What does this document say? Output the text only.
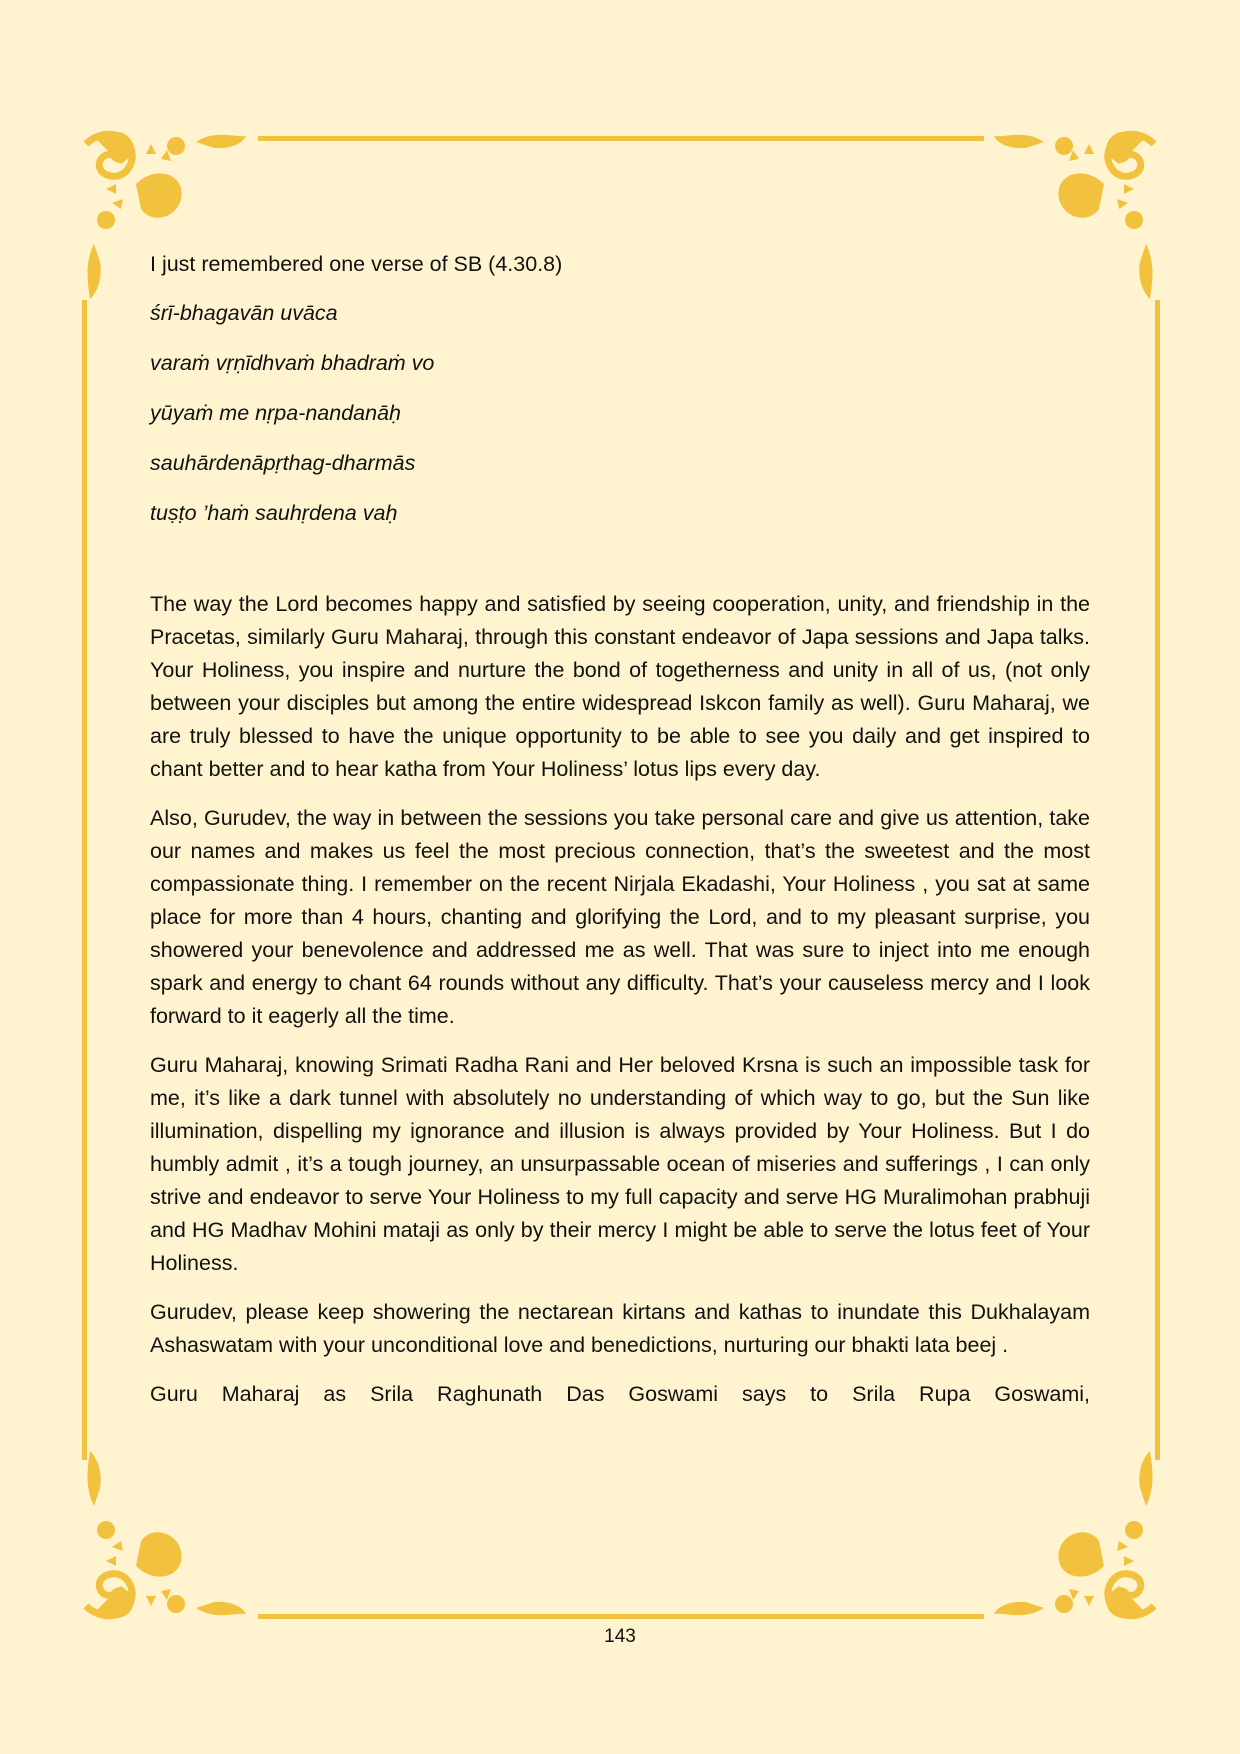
I just remembered one verse of SB (4.30.8)

śrī-bhagavān uvāca

varaṁ vṛṇīdhvaṁ bhadraṁ vo

yūyaṁ me nṛpa-nandanāḥ

sauhārdenāpṛthag-dharmās

tuṣṭo ’haṁ sauhṛdena vaḥ

The way the Lord becomes happy and satisfied by seeing cooperation, unity, and friendship in the Pracetas, similarly Guru Maharaj, through this constant endeavor of Japa sessions and Japa talks. Your Holiness, you inspire and nurture the bond of togetherness and unity in all of us, (not only between your disciples but among the entire widespread Iskcon family as well). Guru Maharaj, we are truly blessed to have the unique opportunity to be able to see you daily and get inspired to chant better and to hear katha from Your Holiness’ lotus lips every day.

Also, Gurudev, the way in between the sessions you take personal care and give us attention, take our names and makes us feel the most precious connection, that’s the sweetest and the most compassionate thing. I remember on the recent Nirjala Ekadashi, Your Holiness , you sat at same place for more than 4 hours, chanting and glorifying the Lord, and to my pleasant surprise, you showered your benevolence and addressed me as well. That was sure to inject into me enough spark and energy to chant 64 rounds without any difficulty. That’s your causeless mercy and I look forward to it eagerly all the time.

Guru Maharaj, knowing Srimati Radha Rani and Her beloved Krsna is such an impossible task for me, it’s like a dark tunnel with absolutely no understanding of which way to go, but the Sun like illumination, dispelling my ignorance and illusion is always provided by Your Holiness. But I do humbly admit , it’s a tough journey, an unsurpassable ocean of miseries and sufferings , I can only strive and endeavor to serve Your Holiness to my full capacity and serve HG Muralimohan prabhuji and HG Madhav Mohini mataji as only by their mercy I might be able to serve the lotus feet of Your Holiness.

Gurudev, please keep showering the nectarean kirtans and kathas to inundate this Dukhalayam Ashaswatam with your unconditional love and benedictions, nurturing our bhakti lata beej .

Guru Maharaj as Srila Raghunath Das Goswami says to Srila Rupa Goswami,

143
